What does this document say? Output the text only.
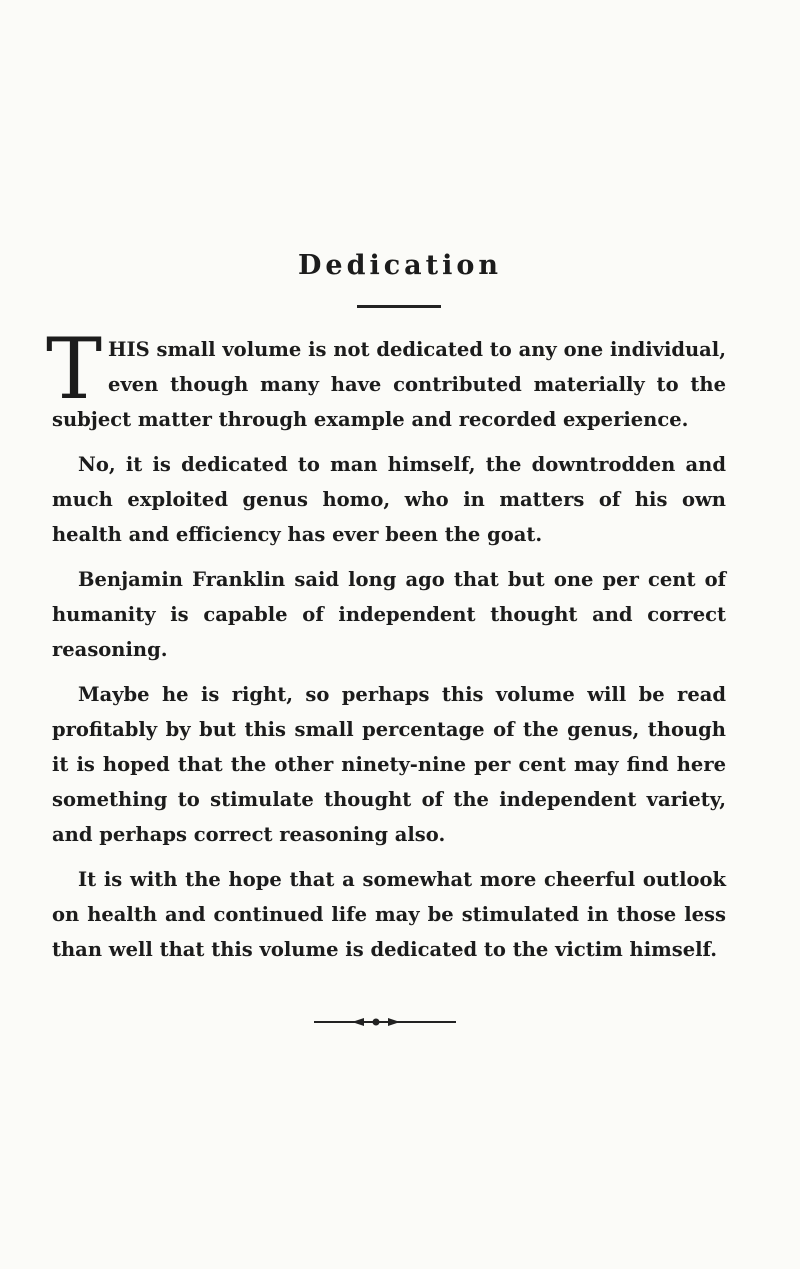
Dedication

THIS small volume is not dedicated to any one individual, even though many have contributed materially to the subject matter through example and recorded experience.

No, it is dedicated to man himself, the downtrodden and much exploited genus homo, who in matters of his own health and efficiency has ever been the goat.

Benjamin Franklin said long ago that but one per cent of humanity is capable of independent thought and correct reasoning.

Maybe he is right, so perhaps this volume will be read profitably by but this small percentage of the genus, though it is hoped that the other ninety-nine per cent may find here something to stimulate thought of the independent variety, and perhaps correct reasoning also.

It is with the hope that a somewhat more cheerful outlook on health and continued life may be stimulated in those less than well that this volume is dedicated to the victim himself.
